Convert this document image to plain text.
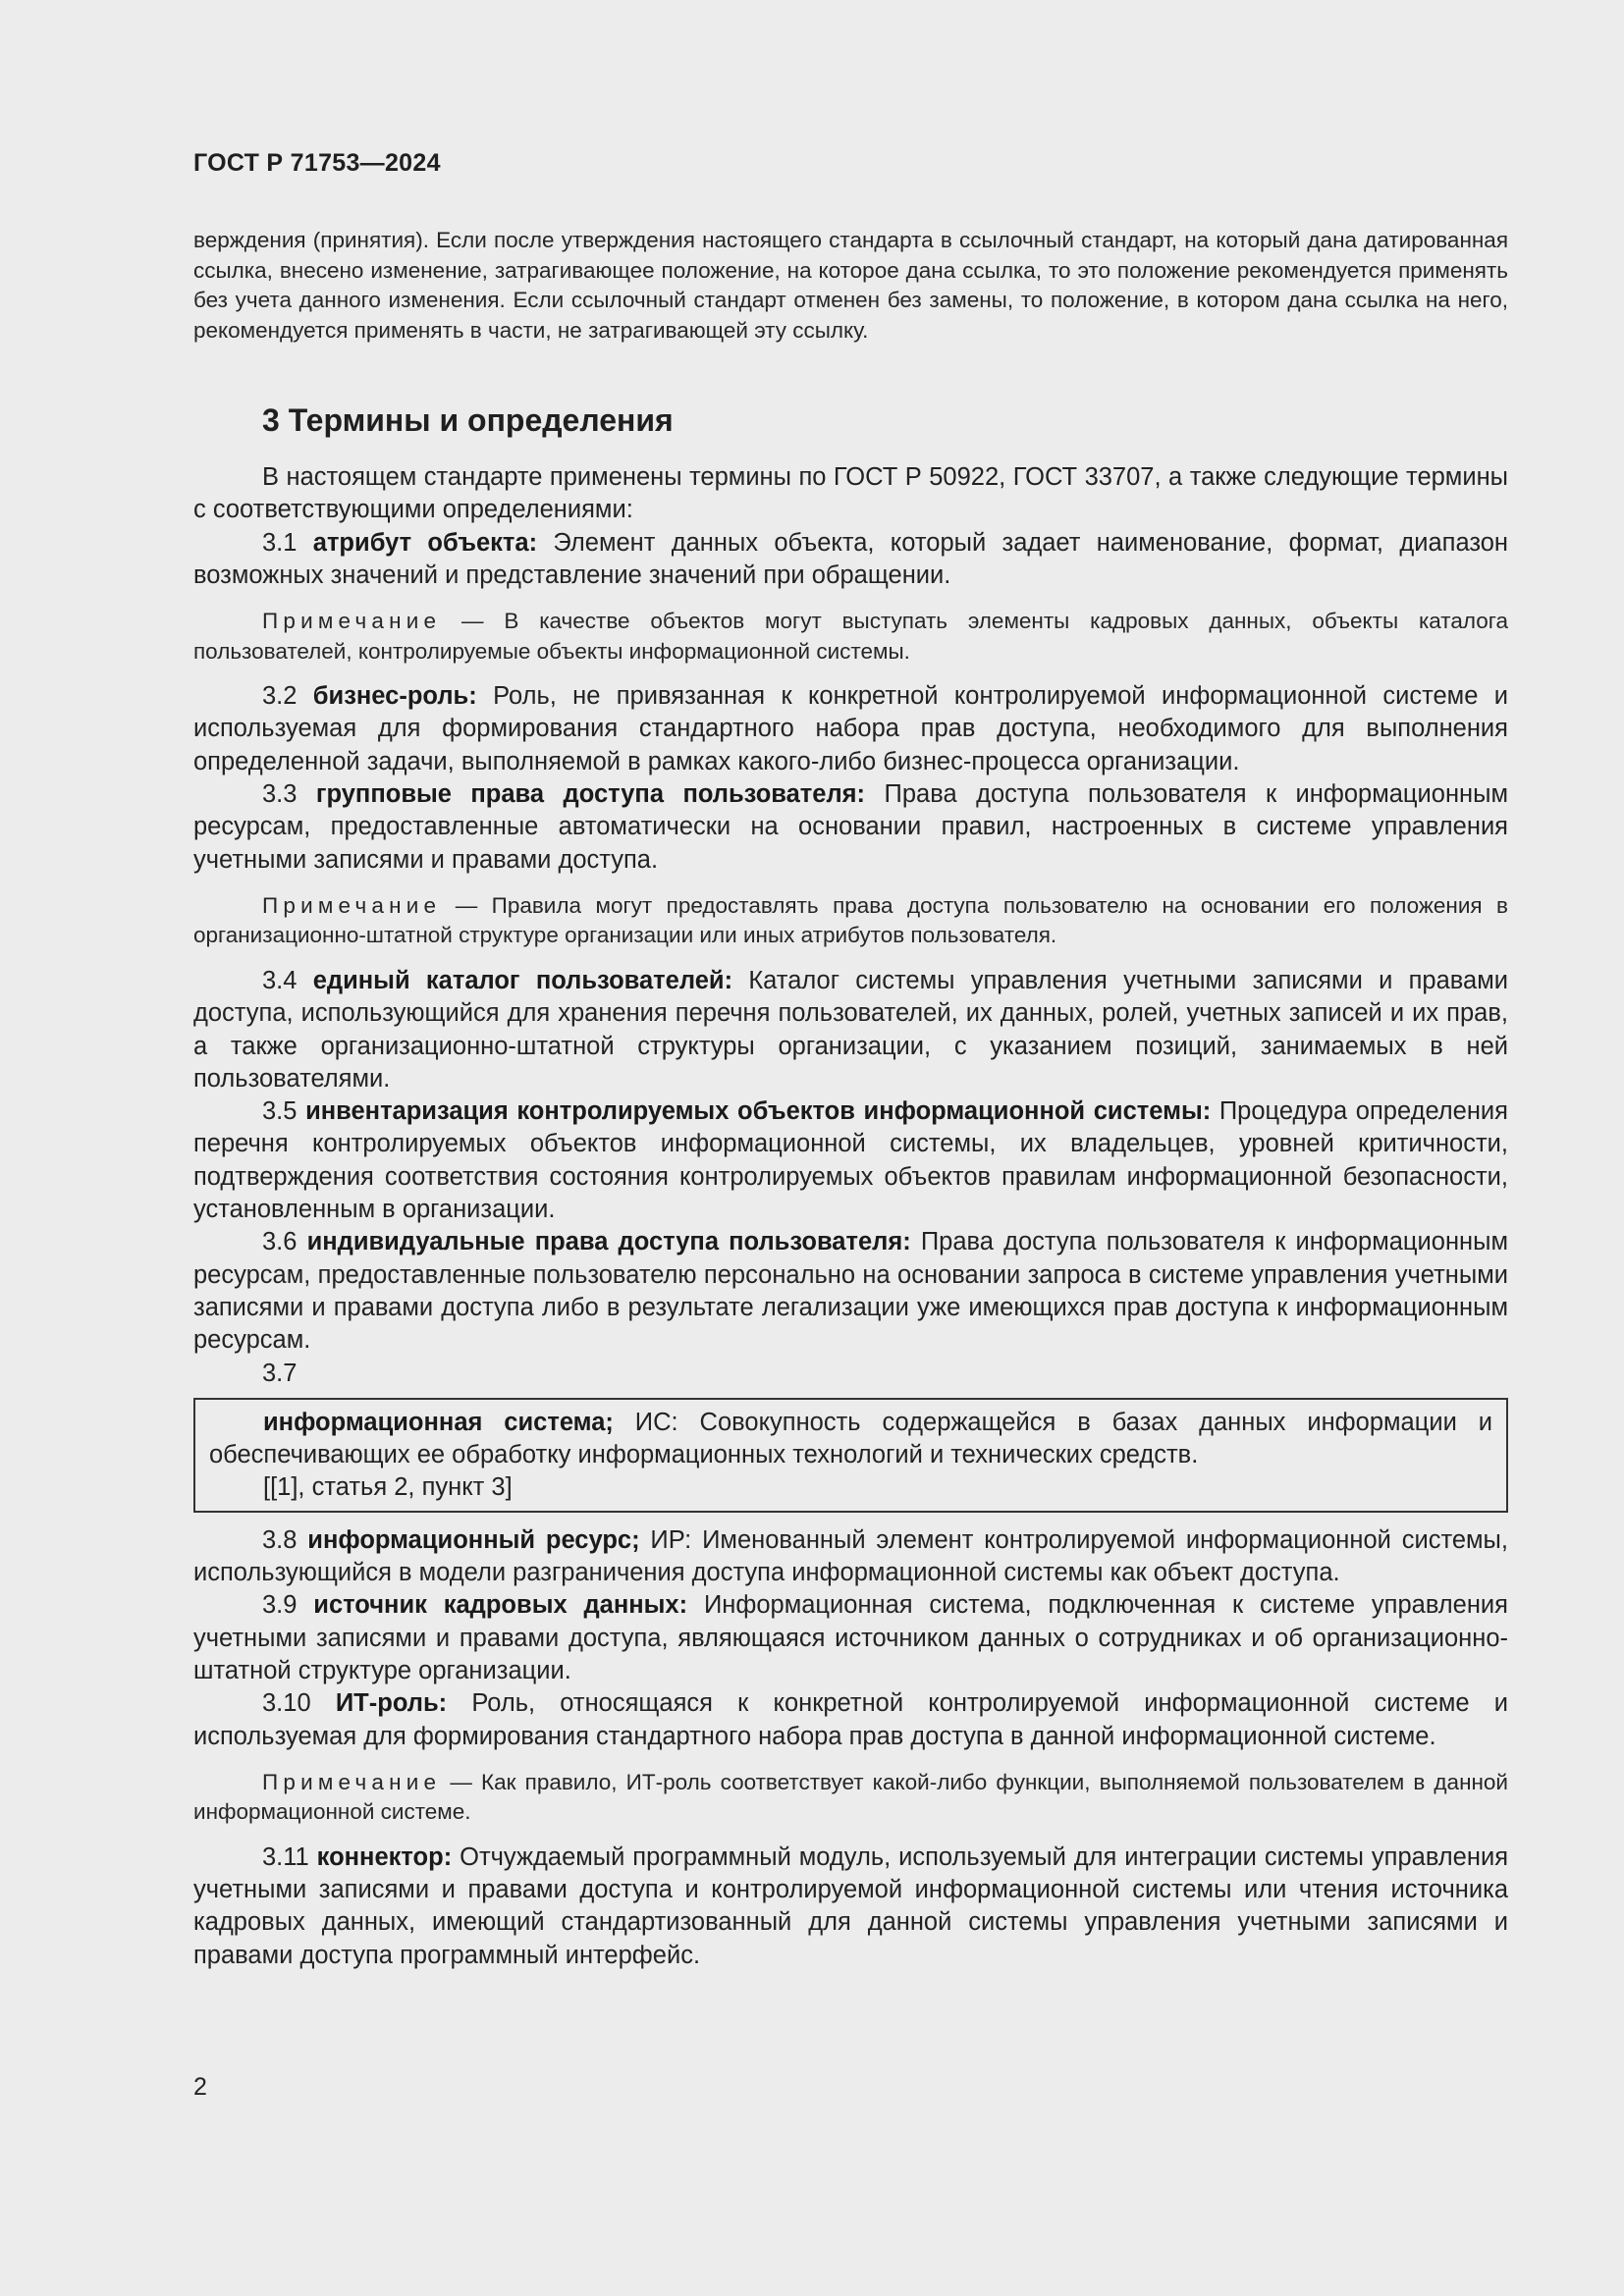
ГОСТ Р 71753—2024
верждения (принятия). Если после утверждения настоящего стандарта в ссылочный стандарт, на который дана датированная ссылка, внесено изменение, затрагивающее положение, на которое дана ссылка, то это положение рекомендуется применять без учета данного изменения. Если ссылочный стандарт отменен без замены, то положение, в котором дана ссылка на него, рекомендуется применять в части, не затрагивающей эту ссылку.
3 Термины и определения

В настоящем стандарте применены термины по ГОСТ Р 50922, ГОСТ 33707, а также следующие термины с соответствующими определениями:

3.1 атрибут объекта: Элемент данных объекта, который задает наименование, формат, диапазон возможных значений и представление значений при обращении.

Примечание — В качестве объектов могут выступать элементы кадровых данных, объекты каталога пользователей, контролируемые объекты информационной системы.

3.2 бизнес-роль: Роль, не привязанная к конкретной контролируемой информационной системе и используемая для формирования стандартного набора прав доступа, необходимого для выполнения определенной задачи, выполняемой в рамках какого-либо бизнес-процесса организации.

3.3 групповые права доступа пользователя: Права доступа пользователя к информационным ресурсам, предоставленные автоматически на основании правил, настроенных в системе управления учетными записями и правами доступа.

Примечание — Правила могут предоставлять права доступа пользователю на основании его положения в организационно-штатной структуре организации или иных атрибутов пользователя.

3.4 единый каталог пользователей: Каталог системы управления учетными записями и правами доступа, использующийся для хранения перечня пользователей, их данных, ролей, учетных записей и их прав, а также организационно-штатной структуры организации, с указанием позиций, занимаемых в ней пользователями.

3.5 инвентаризация контролируемых объектов информационной системы: Процедура определения перечня контролируемых объектов информационной системы, их владельцев, уровней критичности, подтверждения соответствия состояния контролируемых объектов правилам информационной безопасности, установленным в организации.

3.6 индивидуальные права доступа пользователя: Права доступа пользователя к информационным ресурсам, предоставленные пользователю персонально на основании запроса в системе управления учетными записями и правами доступа либо в результате легализации уже имеющихся прав доступа к информационным ресурсам.

3.7

информационная система; ИС: Совокупность содержащейся в базах данных информации и обеспечивающих ее обработку информационных технологий и технических средств.

[[1], статья 2, пункт 3]

3.8 информационный ресурс; ИР: Именованный элемент контролируемой информационной системы, использующийся в модели разграничения доступа информационной системы как объект доступа.

3.9 источник кадровых данных: Информационная система, подключенная к системе управления учетными записями и правами доступа, являющаяся источником данных о сотрудниках и об организационно-штатной структуре организации.

3.10 ИТ-роль: Роль, относящаяся к конкретной контролируемой информационной системе и используемая для формирования стандартного набора прав доступа в данной информационной системе.

Примечание — Как правило, ИТ-роль соответствует какой-либо функции, выполняемой пользователем в данной информационной системе.

3.11 коннектор: Отчуждаемый программный модуль, используемый для интеграции системы управления учетными записями и правами доступа и контролируемой информационной системы или чтения источника кадровых данных, имеющий стандартизованный для данной системы управления учетными записями и правами доступа программный интерфейс.

2
